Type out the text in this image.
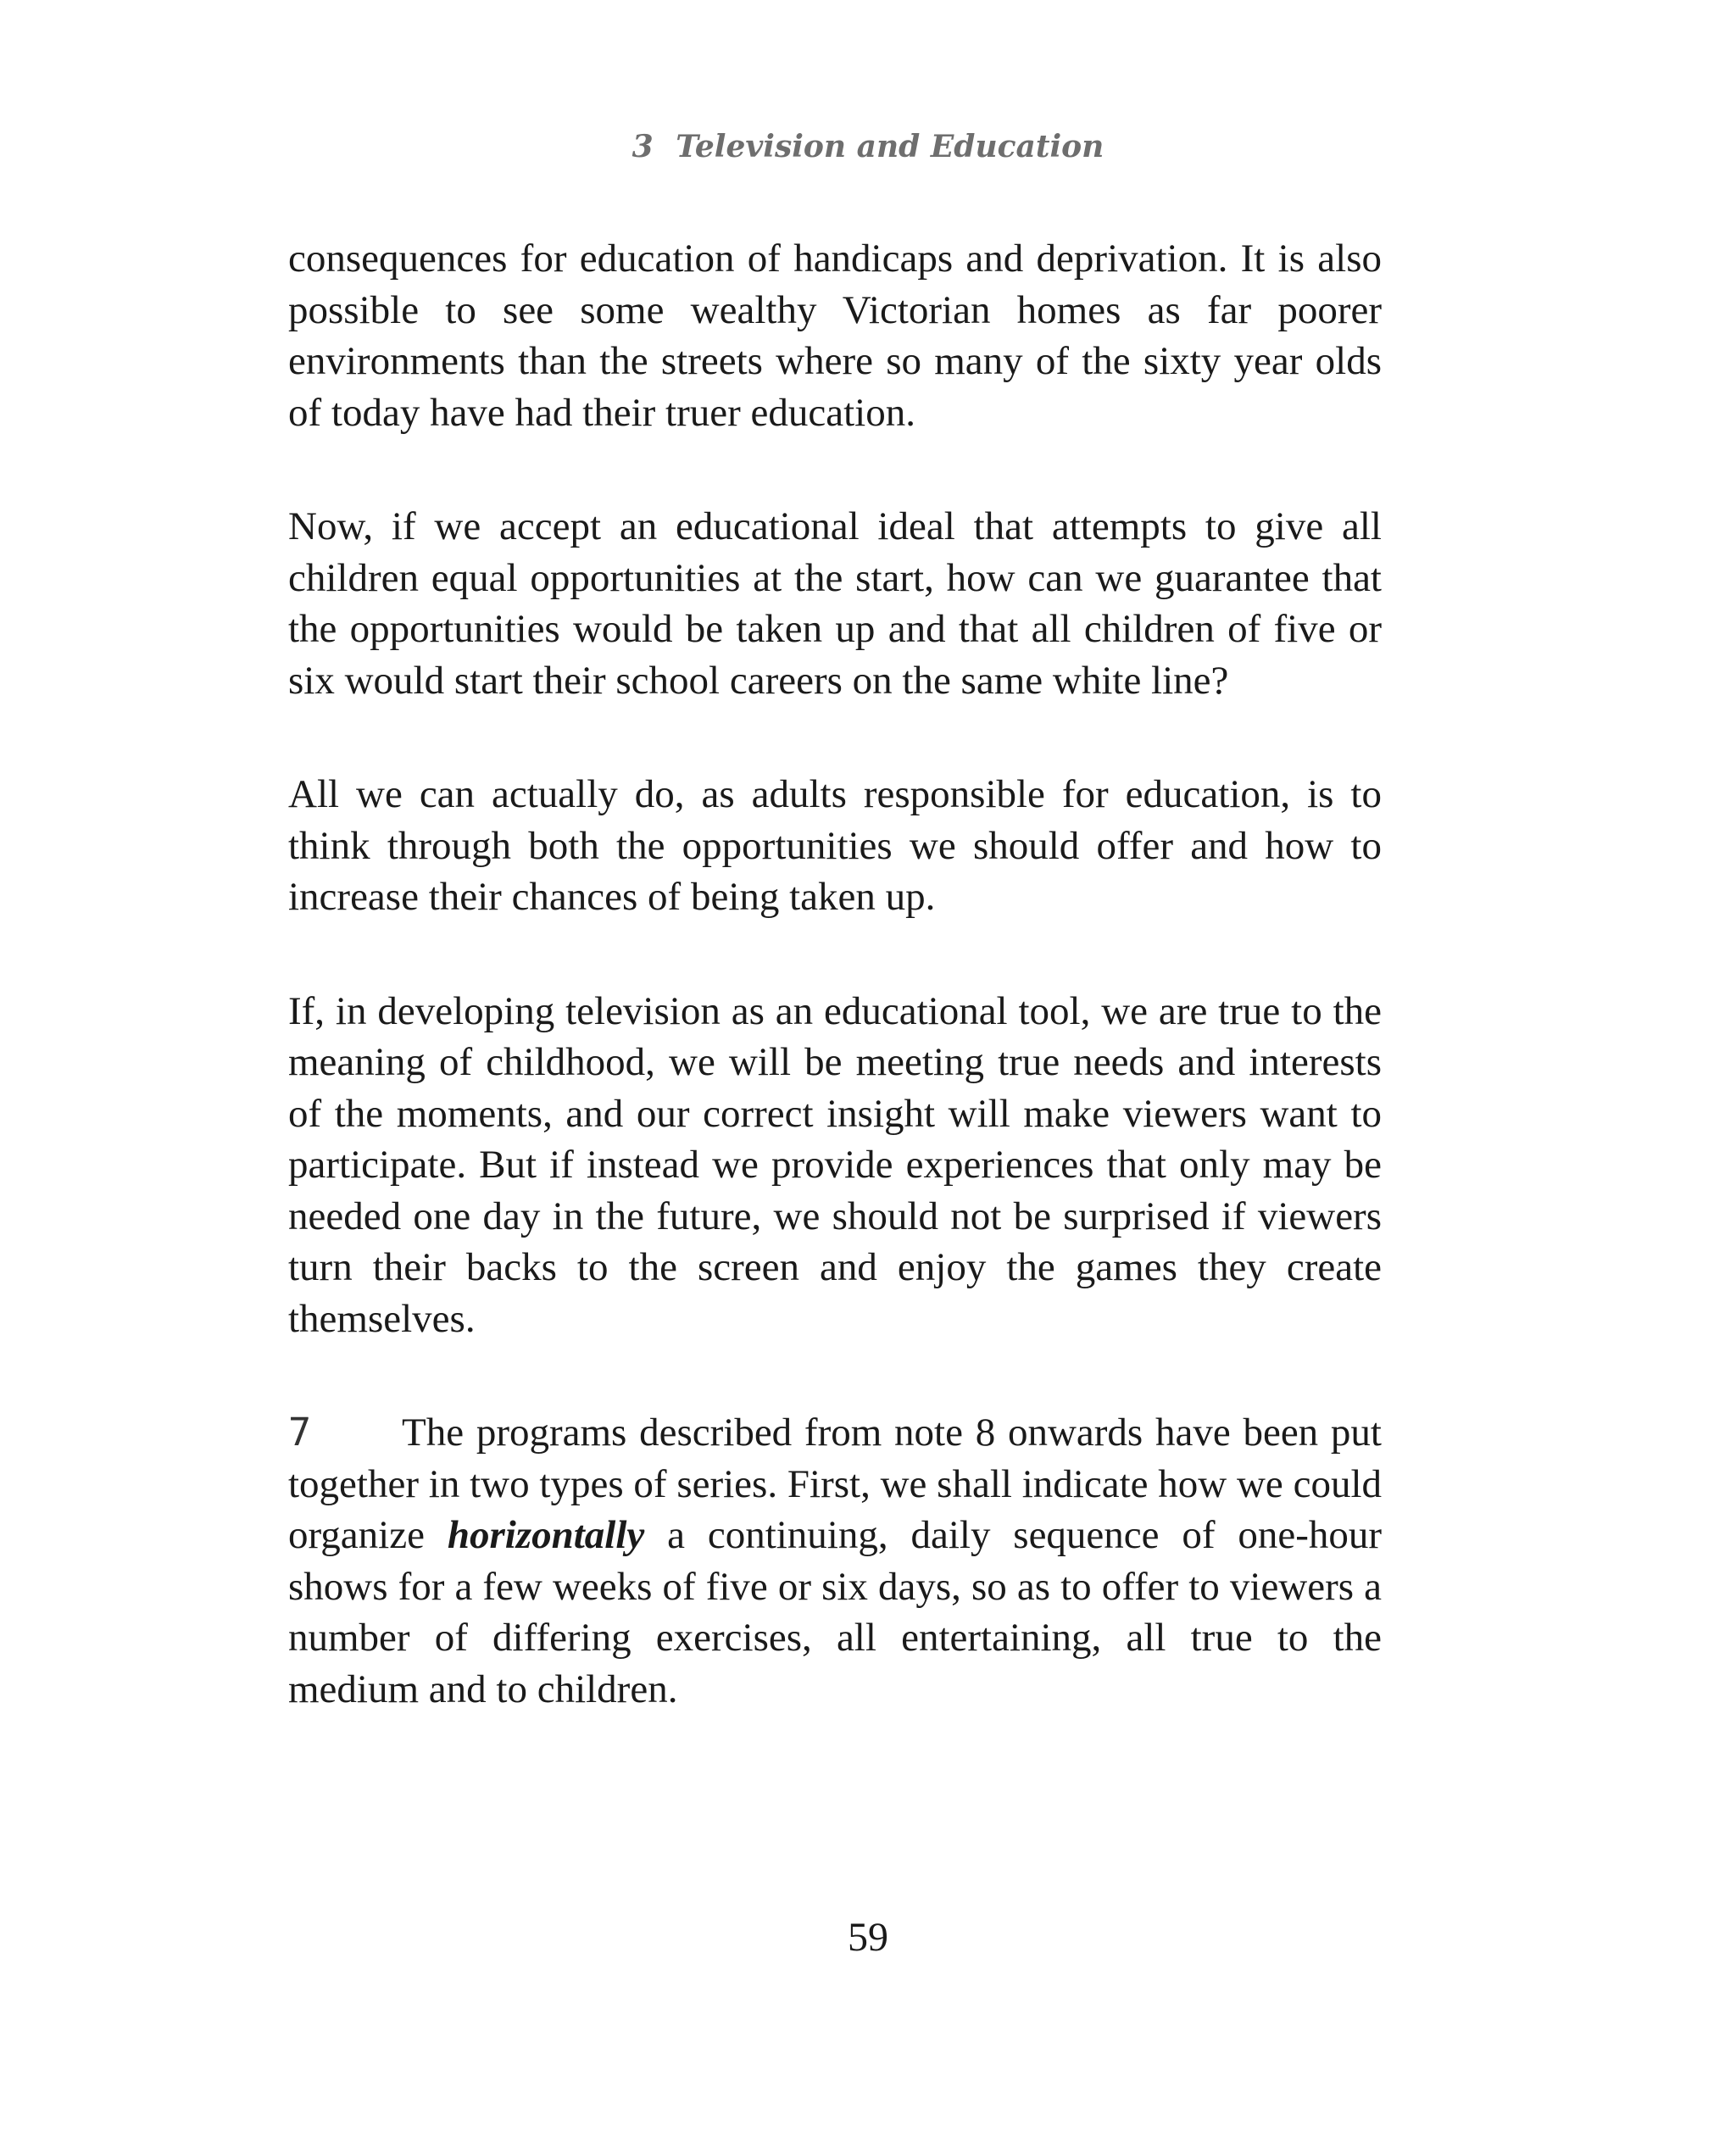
3 Television and Education

consequences for education of handicaps and deprivation. It is also possible to see some wealthy Victorian homes as far poorer environments than the streets where so many of the sixty year olds of today have had their truer education.

Now, if we accept an educational ideal that attempts to give all children equal opportunities at the start, how can we guarantee that the opportunities would be taken up and that all children of five or six would start their school careers on the same white line?

All we can actually do, as adults responsible for education, is to think through both the opportunities we should offer and how to increase their chances of being taken up.

If, in developing television as an educational tool, we are true to the meaning of childhood, we will be meeting true needs and interests of the moments, and our correct insight will make viewers want to participate. But if instead we provide experiences that only may be needed one day in the future, we should not be surprised if viewers turn their backs to the screen and enjoy the games they create themselves.

7 The programs described from note 8 onwards have been put together in two types of series. First, we shall indicate how we could organize horizontally a continuing, daily sequence of one-hour shows for a few weeks of five or six days, so as to offer to viewers a number of differing exercises, all entertaining, all true to the medium and to children.

59
